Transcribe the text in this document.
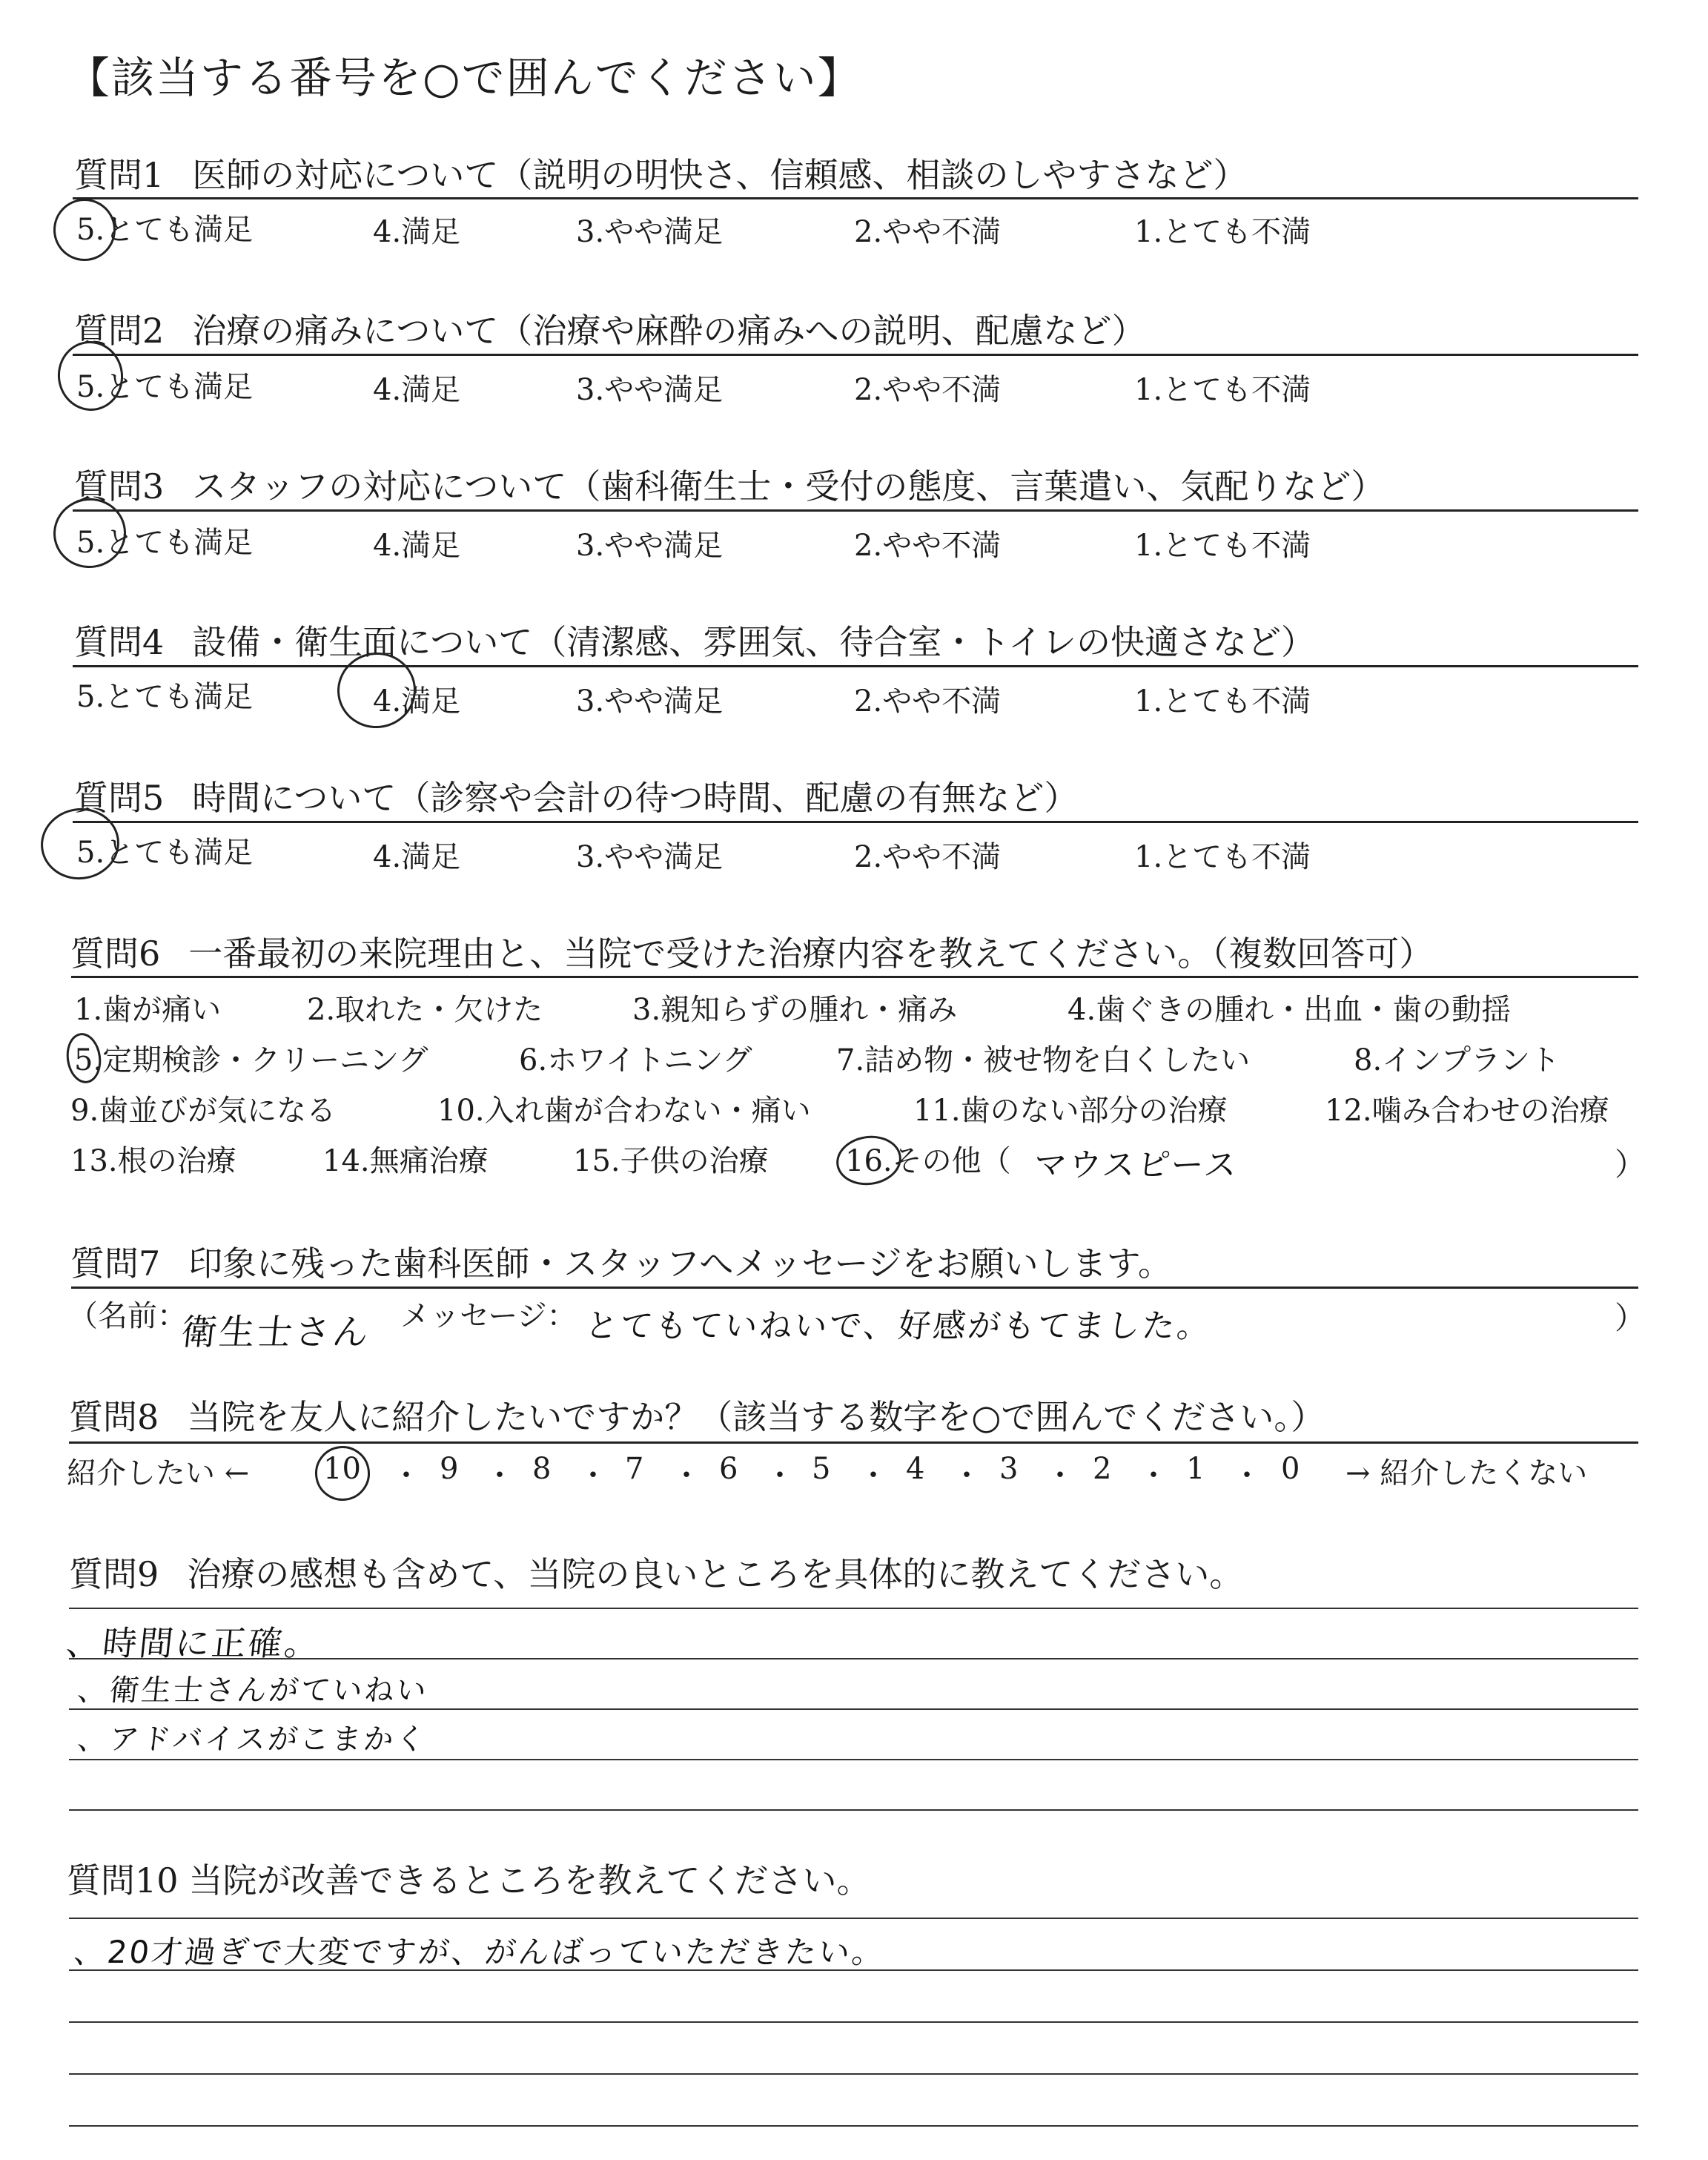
【該当する番号を○で囲んでください】
質問1 医師の対応について（説明の明快さ、信頼感、相談のしやすさなど）
5.とても満足	4.満足	3.やや満足	2.やや不満	1.とても不満
質問2 治療の痛みについて（治療や麻酔の痛みへの説明、配慮など）
5.とても満足	4.満足	3.やや満足	2.やや不満	1.とても不満
質問3 スタッフの対応について（歯科衛生士・受付の態度、言葉遣い、気配りなど）
5.とても満足	4.満足	3.やや満足	2.やや不満	1.とても不満
質問4 設備・衛生面について（清潔感、雰囲気、待合室・トイレの快適さなど）
5.とても満足	4.満足	3.やや満足	2.やや不満	1.とても不満
質問5 時間について（診察や会計の待つ時間、配慮の有無など）
5.とても満足	4.満足	3.やや満足	2.やや不満	1.とても不満
質問6 一番最初の来院理由と、当院で受けた治療内容を教えてください。（複数回答可）
1.歯が痛い	2.取れた・欠けた	3.親知らずの腫れ・痛み	4.歯ぐきの腫れ・出血・歯の動揺
5.定期検診・クリーニング	6.ホワイトニング	7.詰め物・被せ物を白くしたい	8.インプラント
9.歯並びが気になる	10.入れ歯が合わない・痛い	11.歯のない部分の治療	12.噛み合わせの治療
13.根の治療	14.無痛治療	15.子供の治療	16.その他（ マウスピース	）
質問7 印象に残った歯科医師・スタッフへメッセージをお願いします。
（名前：
衛生士さん メッセージ： とてもていねいで、好感がもてました。	）
質問8 当院を友人に紹介したいですか？（該当する数字を○で囲んでください。）
紹介したい ← 10 ・ 9 ・ 8 ・ 7 ・ 6 ・ 5 ・ 4 ・ 3 ・ 2 ・ 1 ・ 0 → 紹介したくない
質問9 治療の感想も含めて、当院の良いところを具体的に教えてください。
、時間に正確。
、衛生士さんがていねい
、アドバイスがこまかく
質問10 当院が改善できるところを教えてください。
、20才過ぎで大変ですが、がんばっていただきたい。
